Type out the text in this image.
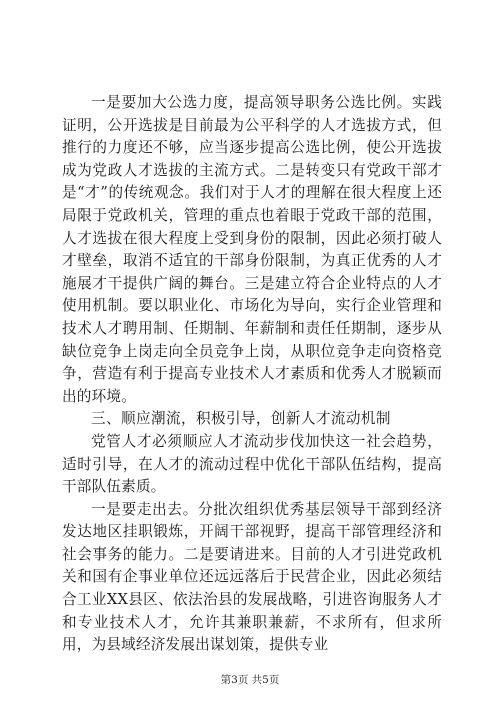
一是要加大公选力度，提高领导职务公选比例。实践证明，公开选拔是目前最为公平科学的人才选拔方式，但推行的力度还不够，应当逐步提高公选比例，使公开选拔成为党政人才选拔的主流方式。二是转变只有党政干部才是“才”的传统观念。我们对于人才的理解在很大程度上还局限于党政机关，管理的重点也着眼于党政干部的范围，人才选拔在很大程度上受到身份的限制，因此必须打破人才壁垒，取消不适宜的干部身份限制，为真正优秀的人才施展才干提供广阔的舞台。三是建立符合企业特点的人才使用机制。要以职业化、市场化为导向，实行企业管理和技术人才聘用制、任期制、年薪制和责任任期制，逐步从缺位竞争上岗走向全员竞争上岗，从职位竞争走向资格竞争，营造有利于提高专业技术人才素质和优秀人才脱颖而出的环境。

三、顺应潮流，积极引导，创新人才流动机制

党管人才必须顺应人才流动步伐加快这一社会趋势，适时引导，在人才的流动过程中优化干部队伍结构，提高干部队伍素质。

一是要走出去。分批次组织优秀基层领导干部到经济发达地区挂职锻炼，开阔干部视野，提高干部管理经济和社会事务的能力。二是要请进来。目前的人才引进党政机关和国有企事业单位还远远落后于民营企业，因此必须结合工业XX县区、依法治县的发展战略，引进咨询服务人才和专业技术人才，允许其兼职兼薪，不求所有，但求所用，为县域经济发展出谋划策，提供专业

第3页 共5页
